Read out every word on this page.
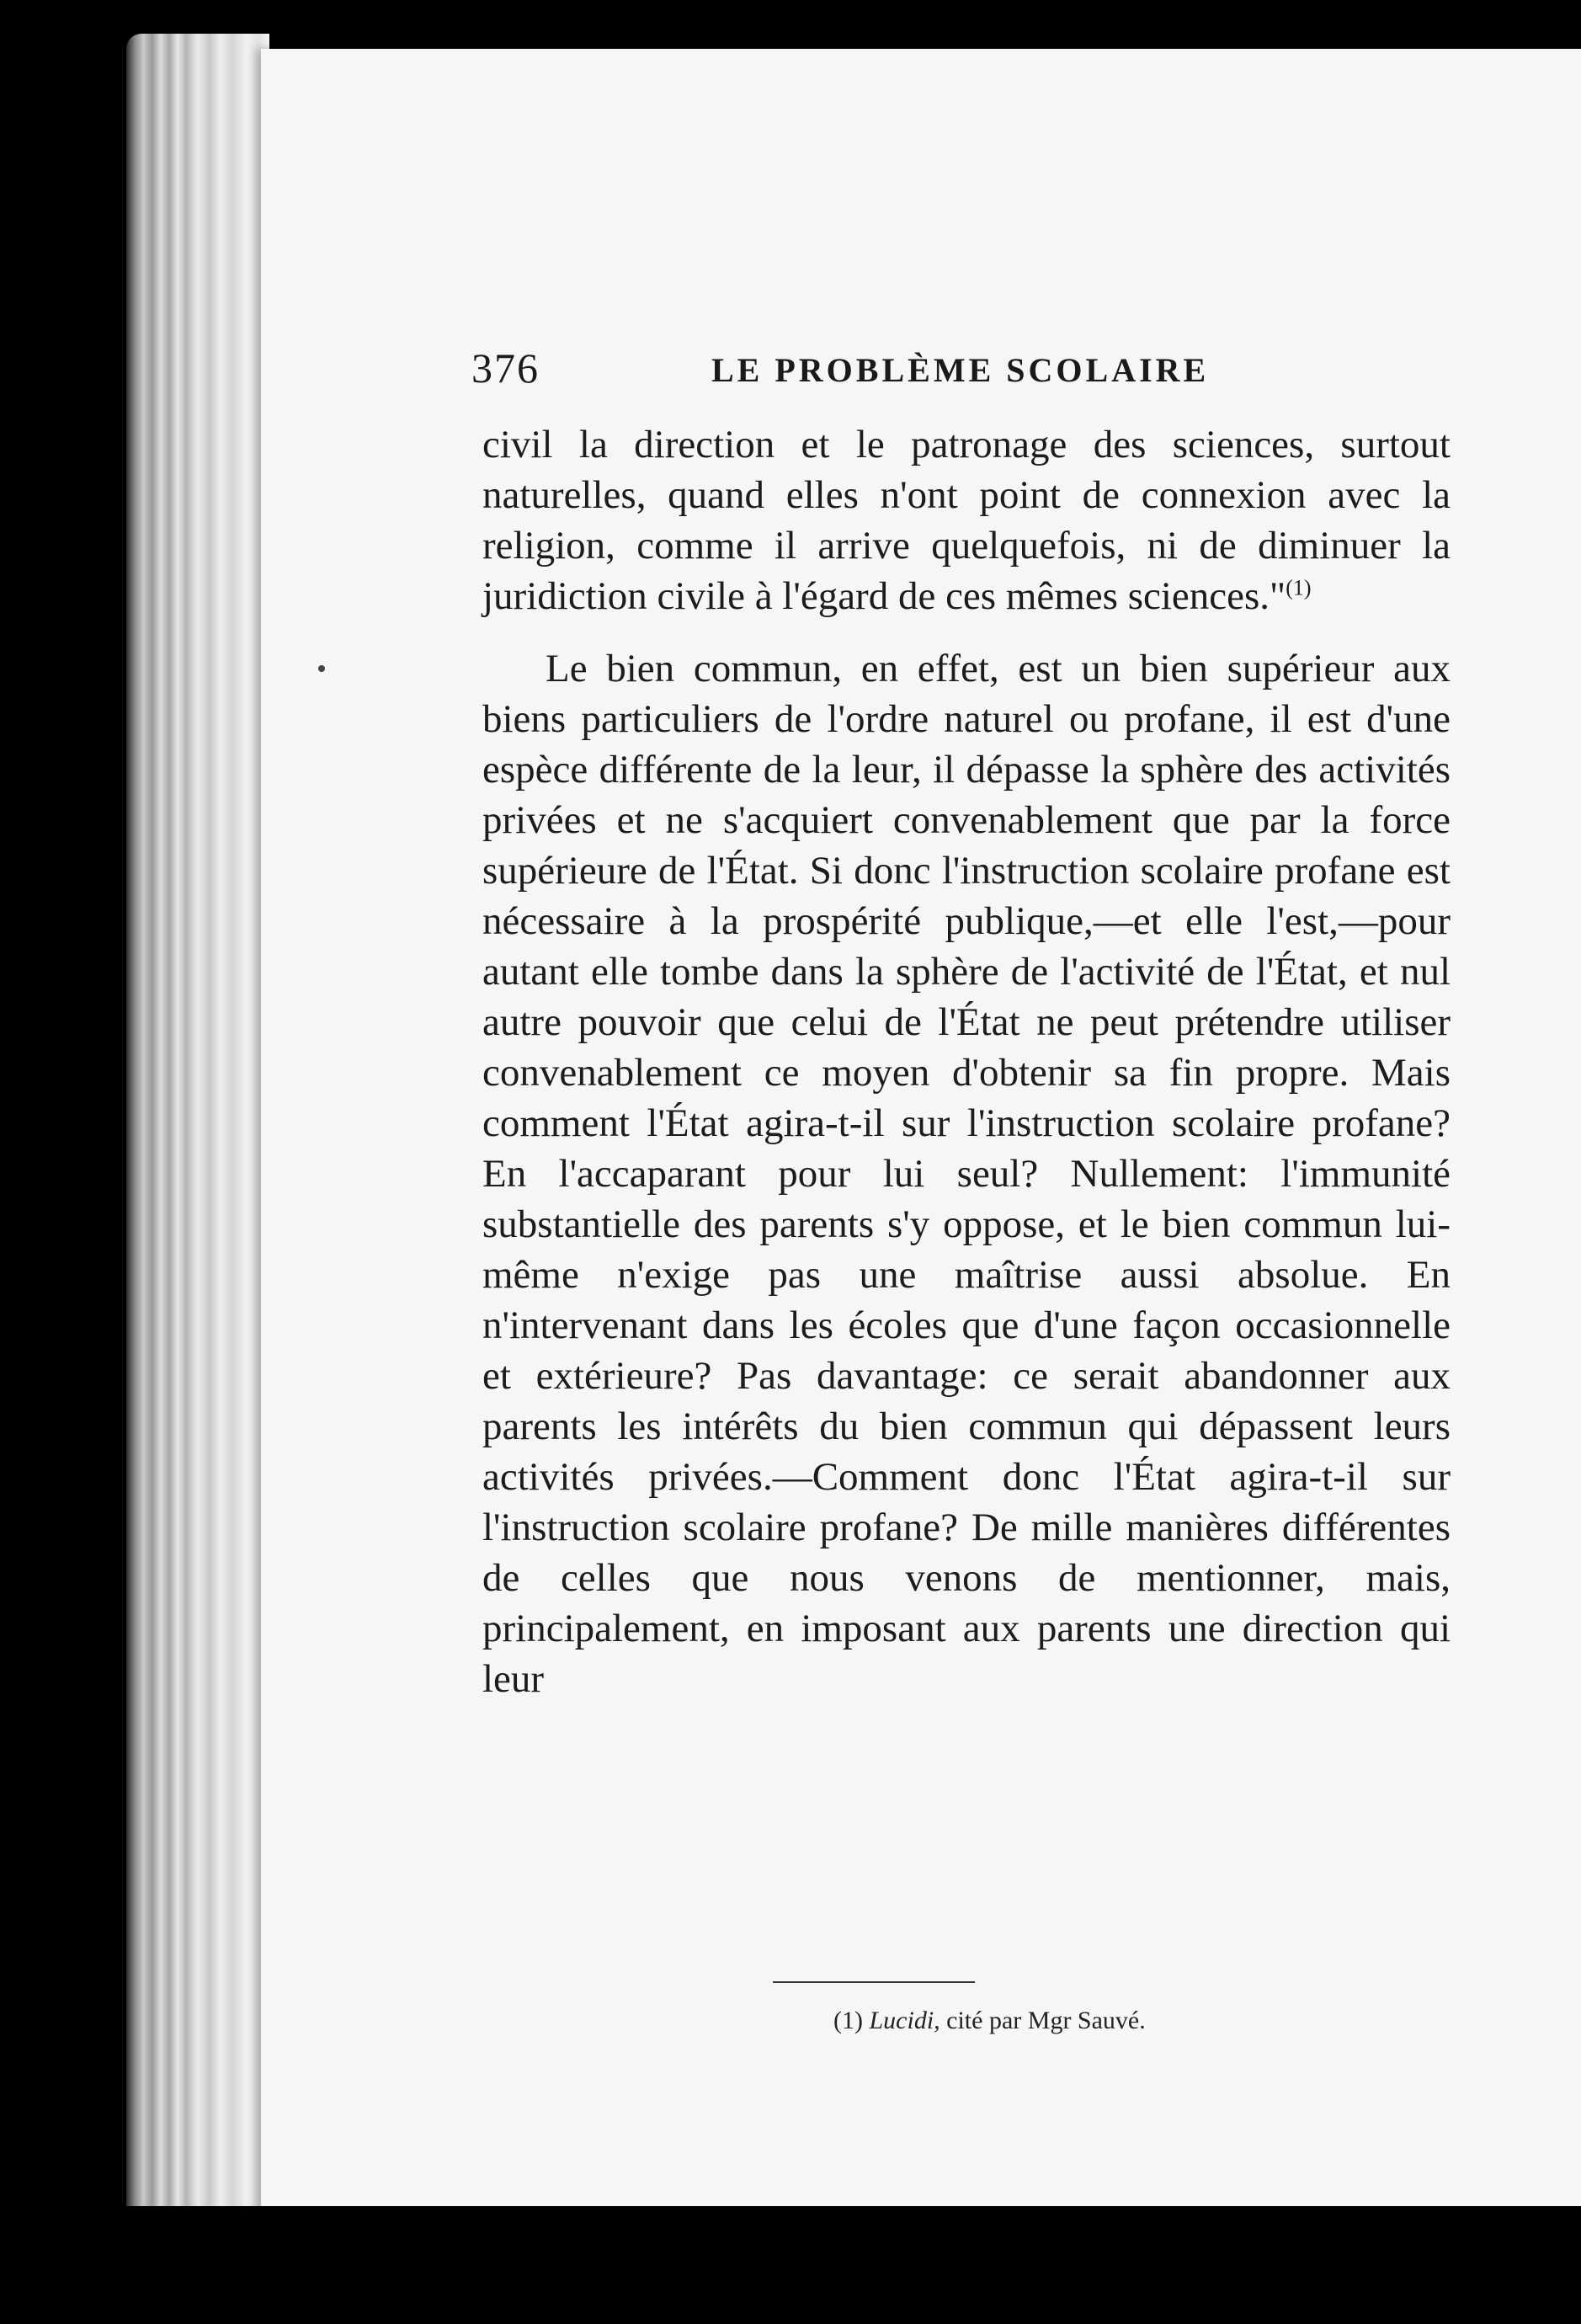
376	LE PROBLÈME SCOLAIRE

civil la direction et le patronage des sciences, surtout naturelles, quand elles n'ont point de connexion avec la religion, comme il arrive quelquefois, ni de diminuer la juridiction civile à l'égard de ces mêmes sciences."$^{(1)}$

Le bien commun, en effet, est un bien supérieur aux biens particuliers de l'ordre naturel ou profane, il est d'une espèce différente de la leur, il dépasse la sphère des activités privées et ne s'acquiert convenablement que par la force supérieure de l'État. Si donc l'instruction scolaire profane est nécessaire à la prospérité publique,—et elle l'est,—pour autant elle tombe dans la sphère de l'activité de l'État, et nul autre pouvoir que celui de l'État ne peut prétendre utiliser convenablement ce moyen d'obtenir sa fin propre. Mais comment l'État agira-t-il sur l'instruction scolaire profane? En l'accaparant pour lui seul? Nullement: l'immunité substantielle des parents s'y oppose, et le bien commun lui-même n'exige pas une maîtrise aussi absolue. En n'intervenant dans les écoles que d'une façon occasionnelle et extérieure? Pas davantage: ce serait abandonner aux parents les intérêts du bien commun qui dépassent leurs activités privées.—Comment donc l'État agira-t-il sur l'instruction scolaire profane? De mille manières différentes de celles que nous venons de mentionner, mais, principalement, en imposant aux parents une direction qui leur

(1) Lucidi, cité par Mgr Sauvé.
